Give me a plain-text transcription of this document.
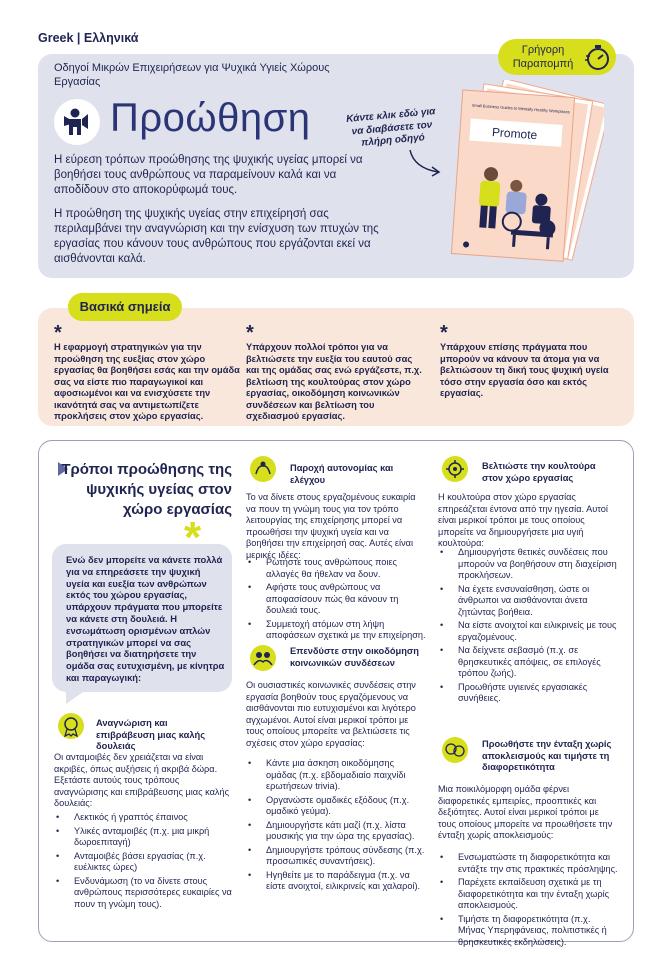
Greek | Ελληνικά
Γρήγορη Παραπομπή
Οδηγοί Μικρών Επιχειρήσεων για Ψυχικά Υγιείς Χώρους Εργασίας
Προώθηση
Η εύρεση τρόπων προώθησης της ψυχικής υγείας μπορεί να βοηθήσει τους ανθρώπους να παραμείνουν καλά και να αποδίδουν στο αποκορύφωμά τους.
Η προώθηση της ψυχικής υγείας στην επιχείρησή σας περιλαμβάνει την αναγνώριση και την ενίσχυση των πτυχών της εργασίας που κάνουν τους ανθρώπους που εργάζονται εκεί να αισθάνονται καλά.
Κάντε κλικ εδώ για να διαβάσετε τον πλήρη οδηγό
Small Business Guides to Mentally Healthy Workplaces
Promote
Βασικά σημεία
*
Η εφαρμογή στρατηγικών για την προώθηση της ευεξίας στον χώρο εργασίας θα βοηθήσει εσάς και την ομάδα σας να είστε πιο παραγωγικοί και αφοσιωμένοι και να ενισχύσετε την ικανότητά σας να αντιμετωπίζετε προκλήσεις στον χώρο εργασίας.
*
Υπάρχουν πολλοί τρόποι για να βελτιώσετε την ευεξία του εαυτού σας και της ομάδας σας ενώ εργάζεστε, π.χ. βελτίωση της κουλτούρας στον χώρο εργασίας, οικοδόμηση κοινωνικών συνδέσεων και βελτίωση του σχεδιασμού εργασίας.
*
Υπάρχουν επίσης πράγματα που μπορούν να κάνουν τα άτομα για να βελτιώσουν τη δική τους ψυχική υγεία τόσο στην εργασία όσο και εκτός εργασίας.
Τρόποι προώθησης της ψυχικής υγείας στον χώρο εργασίας
*
Ενώ δεν μπορείτε να κάνετε πολλά για να επηρεάσετε την ψυχική υγεία και ευεξία των ανθρώπων εκτός του χώρου εργασίας, υπάρχουν πράγματα που μπορείτε να κάνετε στη δουλειά. Η ενσωμάτωση ορισμένων απλών στρατηγικών μπορεί να σας βοηθήσει να διατηρήσετε την ομάδα σας ευτυχισμένη, με κίνητρα και παραγωγική:
Αναγνώριση και επιβράβευση μιας καλής δουλειάς
Οι ανταμοιβές δεν χρειάζεται να είναι ακριβές, όπως αυξήσεις ή ακριβά δώρα. Εξετάστε αυτούς τους τρόπους αναγνώρισης και επιβράβευσης μιας καλής δουλειάς:
• Λεκτικός ή γραπτός έπαινος
• Υλικές ανταμοιβές (π.χ. μια μικρή δωροεπιταγή)
• Ανταμοιβές βάσει εργασίας (π.χ. ευέλικτες ώρες)
• Ενδυνάμωση (το να δίνετε στους ανθρώπους περισσότερες ευκαιρίες να πουν τη γνώμη τους).
Παροχή αυτονομίας και ελέγχου
Το να δίνετε στους εργαζομένους ευκαιρία να πουν τη γνώμη τους για τον τρόπο λειτουργίας της επιχείρησης μπορεί να προωθήσει την ψυχική υγεία και να βοηθήσει την επιχείρησή σας. Αυτές είναι μερικές ιδέες:
• Ρωτήστε τους ανθρώπους ποιες αλλαγές θα ήθελαν να δουν.
• Αφήστε τους ανθρώπους να αποφασίσουν πώς θα κάνουν τη δουλειά τους.
• Συμμετοχή ατόμων στη λήψη αποφάσεων σχετικά με την επιχείρηση.
Επενδύστε στην οικοδόμηση κοινωνικών συνδέσεων
Οι ουσιαστικές κοινωνικές συνδέσεις στην εργασία βοηθούν τους εργαζόμενους να αισθάνονται πιο ευτυχισμένοι και λιγότερο αγχωμένοι. Αυτοί είναι μερικοί τρόποι με τους οποίους μπορείτε να βελτιώσετε τις σχέσεις στον χώρο εργασίας:
• Κάντε μια άσκηση οικοδόμησης ομάδας (π.χ. εβδομαδιαίο παιχνίδι ερωτήσεων trivia).
• Οργανώστε ομαδικές εξόδους (π.χ. ομαδικό γεύμα).
• Δημιουργήστε κάτι μαζί (π.χ. λίστα μουσικής για την ώρα της εργασίας).
• Δημιουργήστε τρόπους σύνδεσης (π.χ. προσωπικές συναντήσεις).
• Ηγηθείτε με το παράδειγμα (π.χ. να είστε ανοιχτοί, ειλικρινείς και χαλαροί).
Βελτιώστε την κουλτούρα στον χώρο εργασίας
Η κουλτούρα στον χώρο εργασίας επηρεάζεται έντονα από την ηγεσία. Αυτοί είναι μερικοί τρόποι με τους οποίους μπορείτε να δημιουργήσετε μια υγιή κουλτούρα:
• Δημιουργήστε θετικές συνδέσεις που μπορούν να βοηθήσουν στη διαχείριση προκλήσεων.
• Να έχετε ενσυναίσθηση, ώστε οι άνθρωποι να αισθάνονται άνετα ζητώντας βοήθεια.
• Να είστε ανοιχτοί και ειλικρινείς με τους εργαζομένους.
• Να δείχνετε σεβασμό (π.χ. σε θρησκευτικές απόψεις, σε επιλογές τρόπου ζωής).
• Προωθήστε υγιεινές εργασιακές συνήθειες.
Προωθήστε την ένταξη χωρίς αποκλεισμούς και τιμήστε τη διαφορετικότητα
Μια ποικιλόμορφη ομάδα φέρνει διαφορετικές εμπειρίες, προοπτικές και δεξιότητες. Αυτοί είναι μερικοί τρόποι με τους οποίους μπορείτε να προωθήσετε την ένταξη χωρίς αποκλεισμούς:
• Ενσωματώστε τη διαφορετικότητα και εντάξτε την στις πρακτικές πρόσληψης.
• Παρέχετε εκπαίδευση σχετικά με τη διαφορετικότητα και την ένταξη χωρίς αποκλεισμούς.
• Τιμήστε τη διαφορετικότητα (π.χ. Μήνας Υπερηφάνειας, πολιτιστικές ή θρησκευτικές εκδηλώσεις).
